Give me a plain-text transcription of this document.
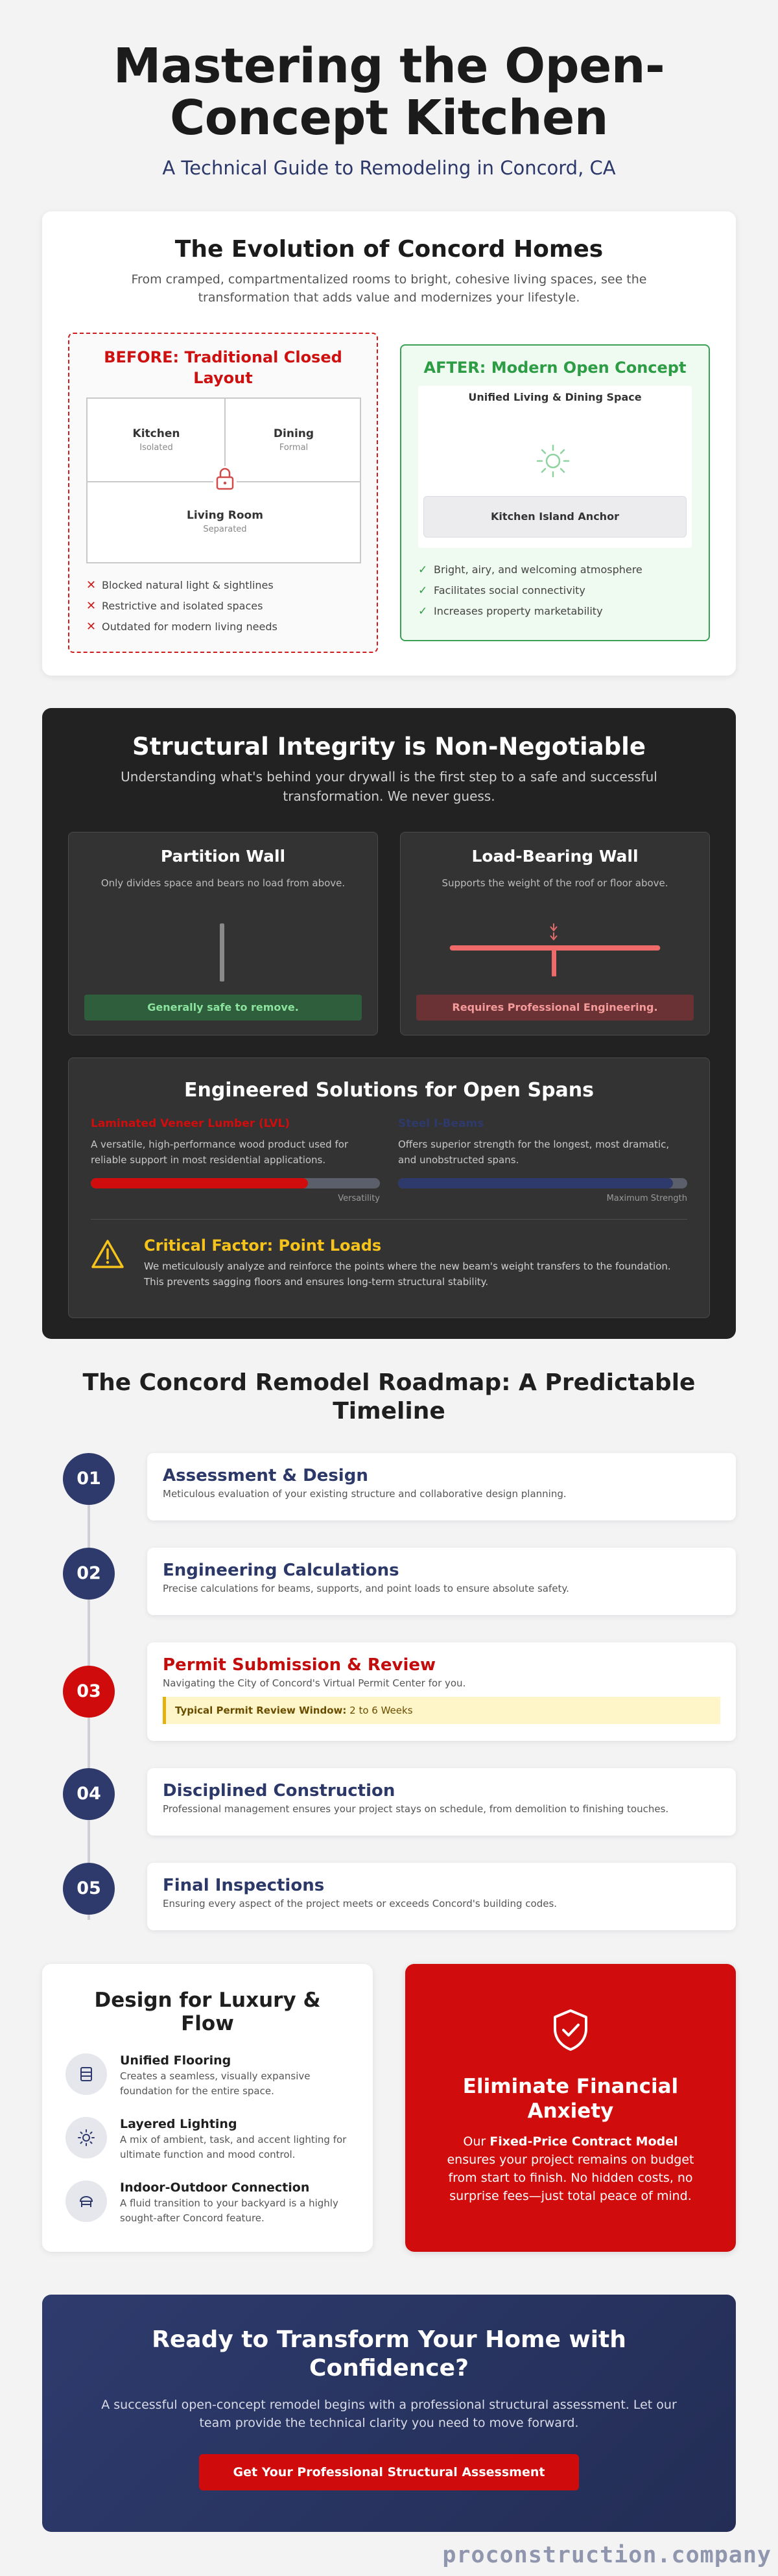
Mastering the Open-Concept Kitchen

A Technical Guide to Remodeling in Concord, CA

The Evolution of Concord Homes

From cramped, compartmentalized rooms to bright, cohesive living spaces, see the transformation that adds value and modernizes your lifestyle.

BEFORE: Traditional Closed Layout
Kitchen
Isolated
Dining
Formal
Living Room
Separated
✕ Blocked natural light & sightlines
✕ Restrictive and isolated spaces
✕ Outdated for modern living needs
AFTER: Modern Open Concept
Unified Living & Dining Space
Kitchen Island Anchor
✓ Bright, airy, and welcoming atmosphere
✓ Facilitates social connectivity
✓ Increases property marketability
Structural Integrity is Non-Negotiable

Understanding what's behind your drywall is the first step to a safe and successful transformation. We never guess.

Partition Wall

Only divides space and bears no load from above.

Generally safe to remove.
Load-Bearing Wall

Supports the weight of the roof or floor above.

Requires Professional Engineering.
Engineered Solutions for Open Spans
Laminated Veneer Lumber (LVL)

A versatile, high-performance wood product used for reliable support in most residential applications.

Versatility
Steel I-Beams

Offers superior strength for the longest, most dramatic, and unobstructed spans.

Maximum Strength
Critical Factor: Point Loads

We meticulously analyze and reinforce the points where the new beam's weight transfers to the foundation. This prevents sagging floors and ensures long-term structural stability.

The Concord Remodel Roadmap: A Predictable Timeline
01	Assessment & Design

Meticulous evaluation of your existing structure and collaborative design planning.

02	Engineering Calculations

Precise calculations for beams, supports, and point loads to ensure absolute safety.

03
Permit Submission & Review

Navigating the City of Concord's Virtual Permit Center for you.

Typical Permit Review Window: 2 to 6 Weeks
04	Disciplined Construction

Professional management ensures your project stays on schedule, from demolition to finishing touches.

05	Final Inspections

Ensuring every aspect of the project meets or exceeds Concord's building codes.

Design for Luxury & Flow
Unified Flooring

Creates a seamless, visually expansive foundation for the entire space.

Layered Lighting

A mix of ambient, task, and accent lighting for ultimate function and mood control.

Indoor-Outdoor Connection

A fluid transition to your backyard is a highly sought-after Concord feature.

Eliminate Financial Anxiety

Our Fixed-Price Contract Model ensures your project remains on budget from start to finish. No hidden costs, no surprise fees—just total peace of mind.

Ready to Transform Your Home with Confidence?

A successful open-concept remodel begins with a professional structural assessment. Let our team provide the technical clarity you need to move forward.

Get Your Professional Structural Assessment
proconstruction.company
